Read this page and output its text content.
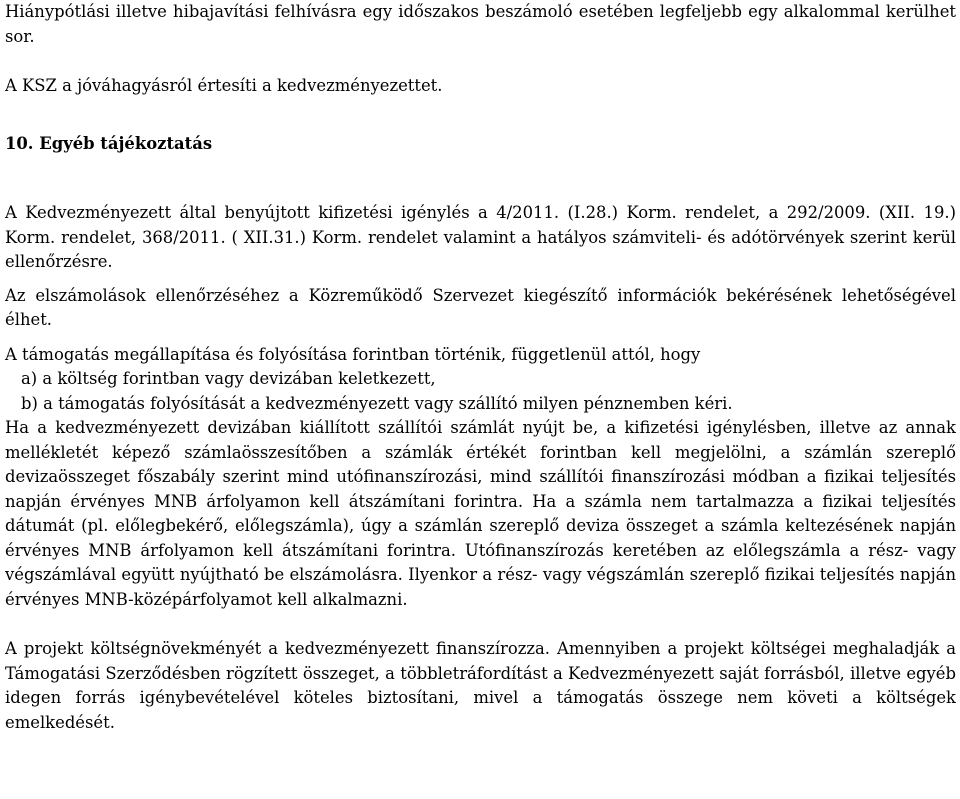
Hiánypótlási illetve hibajavítási felhívásra egy időszakos beszámoló esetében legfeljebb egy alkalommal kerülhet sor.

A KSZ a jóváhagyásról értesíti a kedvezményezettet.

10. Egyéb tájékoztatás

A Kedvezményezett által benyújtott kifizetési igénylés a 4/2011. (I.28.) Korm. rendelet, a 292/2009. (XII. 19.) Korm. rendelet, 368/2011. ( XII.31.) Korm. rendelet valamint a hatályos számviteli- és adótörvények szerint kerül ellenőrzésre.

Az elszámolások ellenőrzéséhez a Közreműködő Szervezet kiegészítő információk bekérésének lehetőségével élhet.

A támogatás megállapítása és folyósítása forintban történik, függetlenül attól, hogy

a) a költség forintban vagy devizában keletkezett,

b) a támogatás folyósítását a kedvezményezett vagy szállító milyen pénznemben kéri.

Ha a kedvezményezett devizában kiállított szállítói számlát nyújt be, a kifizetési igénylésben, illetve az annak mellékletét képező számlaösszesítőben a számlák értékét forintban kell megjelölni, a számlán szereplő devizaösszeget főszabály szerint mind utófinanszírozási, mind szállítói finanszírozási módban a fizikai teljesítés napján érvényes MNB árfolyamon kell átszámítani forintra. Ha a számla nem tartalmazza a fizikai teljesítés dátumát (pl. előlegbekérő, előlegszámla), úgy a számlán szereplő deviza összeget a számla keltezésének napján érvényes MNB árfolyamon kell átszámítani forintra. Utófinanszírozás keretében az előlegszámla a rész- vagy végszámlával együtt nyújtható be elszámolásra. Ilyenkor a rész- vagy végszámlán szereplő fizikai teljesítés napján érvényes MNB-középárfolyamot kell alkalmazni.

A projekt költségnövekményét a kedvezményezett finanszírozza. Amennyiben a projekt költségei meghaladják a Támogatási Szerződésben rögzített összeget, a többletráfordítást a Kedvezményezett saját forrásból, illetve egyéb idegen forrás igénybevételével köteles biztosítani, mivel a támogatás összege nem követi a költségek emelkedését.
